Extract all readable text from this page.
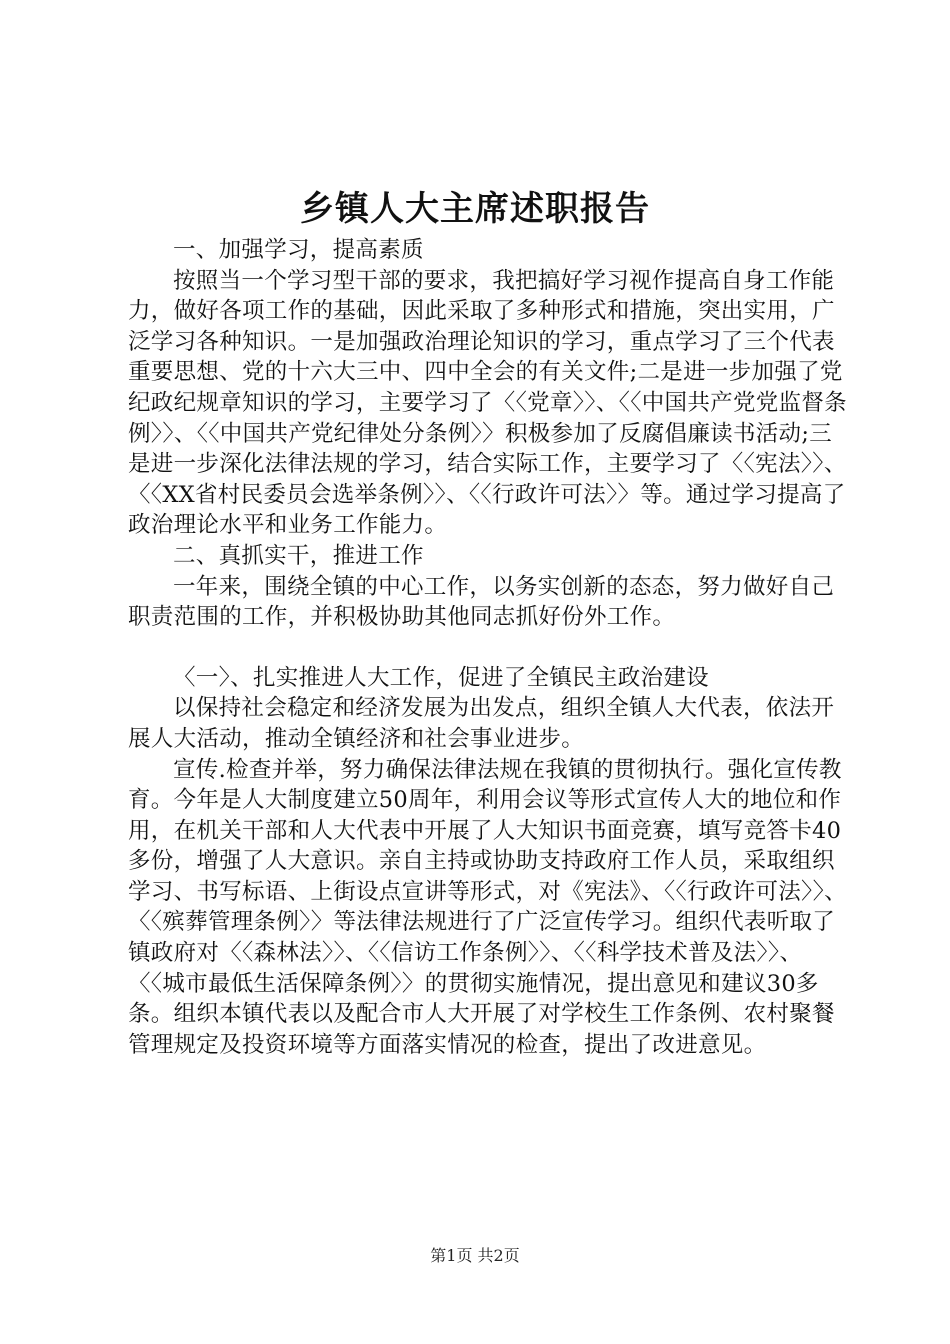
乡镇人大主席述职报告

一、加强学习，提高素质

按照当一个学习型干部的要求，我把搞好学习视作提高自身工作能力，做好各项工作的基础，因此采取了多种形式和措施，突出实用，广泛学习各种知识。一是加强政治理论知识的学习，重点学习了三个代表重要思想、党的十六大三中、四中全会的有关文件;二是进一步加强了党纪政纪规章知识的学习，主要学习了〈〈党章〉〉、〈〈中国共产党党监督条例〉〉、〈〈中国共产党纪律处分条例〉〉积极参加了反腐倡廉读书活动;三是进一步深化法律法规的学习，结合实际工作，主要学习了〈〈宪法〉〉、〈〈XX省村民委员会选举条例〉〉、〈〈行政许可法〉〉等。通过学习提高了政治理论水平和业务工作能力。

二、真抓实干，推进工作

一年来，围绕全镇的中心工作，以务实创新的态态，努力做好自己职责范围的工作，并积极协助其他同志抓好份外工作。

〈一〉、扎实推进人大工作，促进了全镇民主政治建设

以保持社会稳定和经济发展为出发点，组织全镇人大代表，依法开展人大活动，推动全镇经济和社会事业进步。

宣传.检查并举，努力确保法律法规在我镇的贯彻执行。强化宣传教育。今年是人大制度建立50周年，利用会议等形式宣传人大的地位和作用，在机关干部和人大代表中开展了人大知识书面竞赛，填写竞答卡40多份，增强了人大意识。亲自主持或协助支持政府工作人员，采取组织学习、书写标语、上街设点宣讲等形式，对《宪法》、〈〈行政许可法〉〉、〈〈殡葬管理条例〉〉等法律法规进行了广泛宣传学习。组织代表听取了镇政府对〈〈森林法〉〉、〈〈信访工作条例〉〉、〈〈科学技术普及法〉〉、〈〈城市最低生活保障条例〉〉的贯彻实施情况，提出意见和建议30多条。组织本镇代表以及配合市人大开展了对学校生工作条例、农村聚餐管理规定及投资环境等方面落实情况的检查，提出了改进意见。

第1页 共2页
